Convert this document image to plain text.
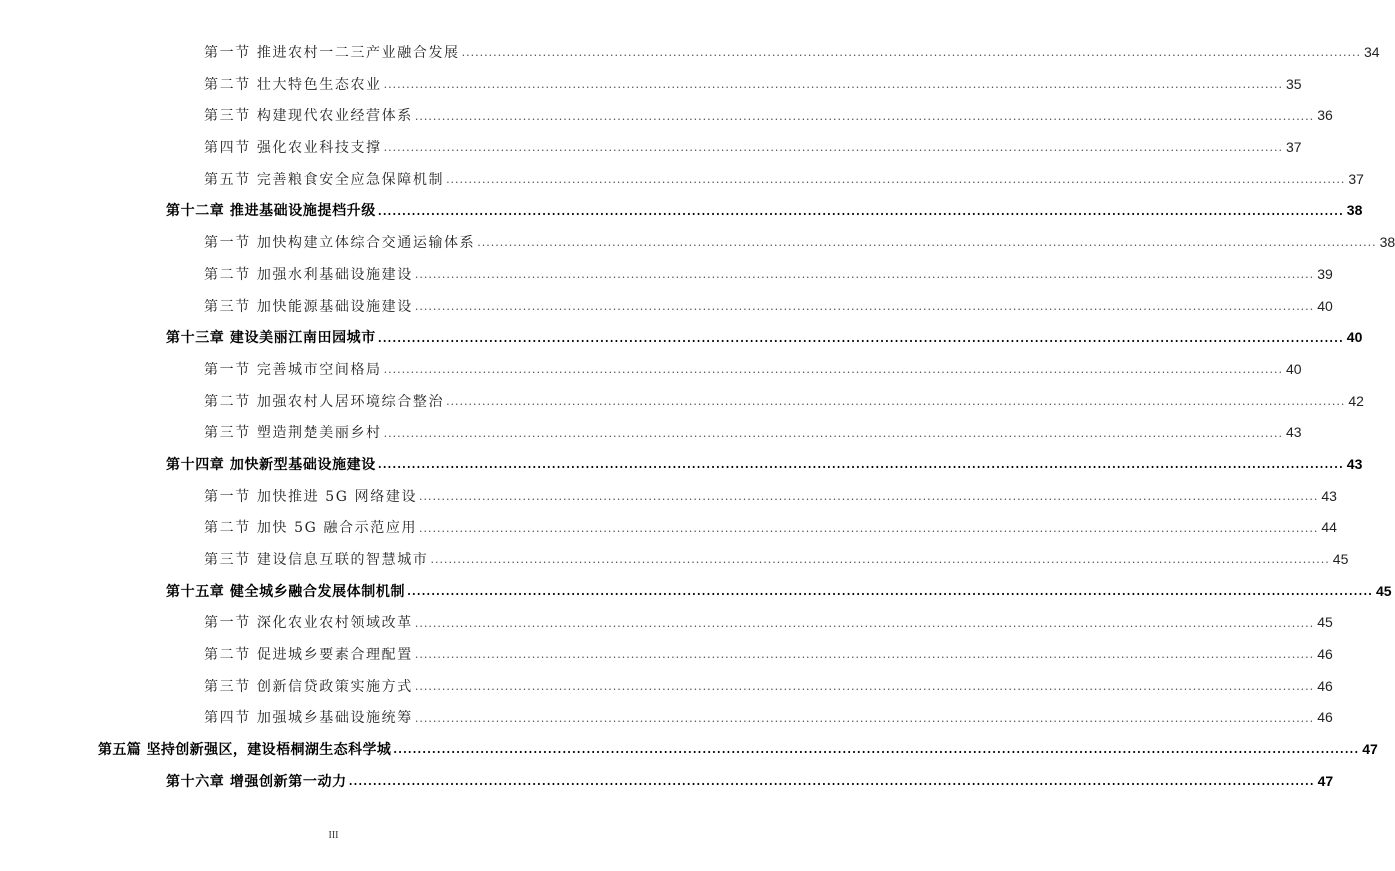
第一节 推进农村一二三产业融合发展 ........................................................................................................................................................................................................ 34
第二节 壮大特色生态农业 ........................................................................................................................................................................................................ 35
第三节 构建现代农业经营体系 ........................................................................................................................................................................................................ 36
第四节 强化农业科技支撑 ........................................................................................................................................................................................................ 37
第五节 完善粮食安全应急保障机制 ........................................................................................................................................................................................................ 37
第十二章 推进基础设施提档升级 ........................................................................................................................................................................................................ 38
第一节 加快构建立体综合交通运输体系 ........................................................................................................................................................................................................ 38
第二节 加强水利基础设施建设 ........................................................................................................................................................................................................ 39
第三节 加快能源基础设施建设 ........................................................................................................................................................................................................ 40
第十三章 建设美丽江南田园城市 ........................................................................................................................................................................................................ 40
第一节 完善城市空间格局 ........................................................................................................................................................................................................ 40
第二节 加强农村人居环境综合整治 ........................................................................................................................................................................................................ 42
第三节 塑造荆楚美丽乡村 ........................................................................................................................................................................................................ 43
第十四章 加快新型基础设施建设 ........................................................................................................................................................................................................ 43
第一节 加快推进 5G 网络建设 ........................................................................................................................................................................................................ 43
第二节 加快 5G 融合示范应用 ........................................................................................................................................................................................................ 44
第三节 建设信息互联的智慧城市 ........................................................................................................................................................................................................ 45
第十五章 健全城乡融合发展体制机制 ........................................................................................................................................................................................................ 45
第一节 深化农业农村领域改革 ........................................................................................................................................................................................................ 45
第二节 促进城乡要素合理配置 ........................................................................................................................................................................................................ 46
第三节 创新信贷政策实施方式 ........................................................................................................................................................................................................ 46
第四节 加强城乡基础设施统筹 ........................................................................................................................................................................................................ 46
第五篇 坚持创新强区，建设梧桐湖生态科学城 ........................................................................................................................................................................................................ 47
第十六章 增强创新第一动力 ........................................................................................................................................................................................................ 47
III
